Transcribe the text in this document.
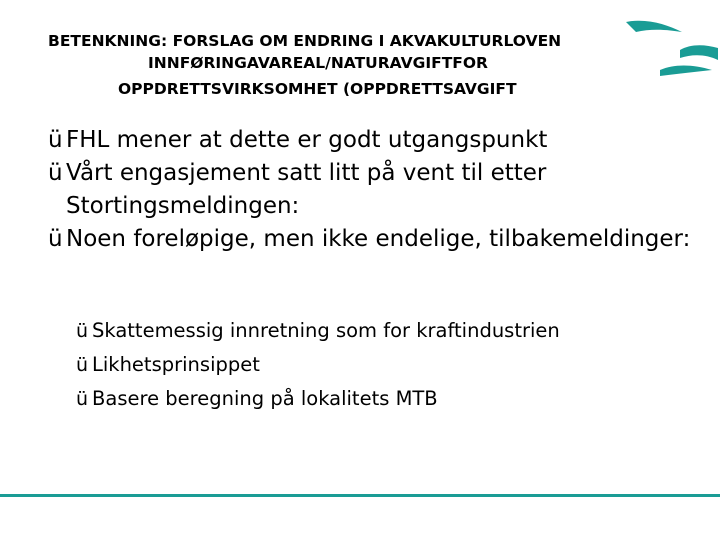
BETENKNING: FORSLAG OM ENDRING I AKVAKULTURLOVEN
INNFØRINGAVAREAL/NATURAVGIFTFOR
OPPDRETTSVIRKSOMHET (OPPDRETTSAVGIFT
ü FHL mener at dette er godt utgangspunkt
ü Vårt engasjement satt litt på vent til etter Stortingsmeldingen:
ü Noen foreløpige, men ikke endelige, tilbakemeldinger:
ü Skattemessig innretning som for kraftindustrien
ü Likhetsprinsippet
ü Basere beregning på lokalitets MTB
